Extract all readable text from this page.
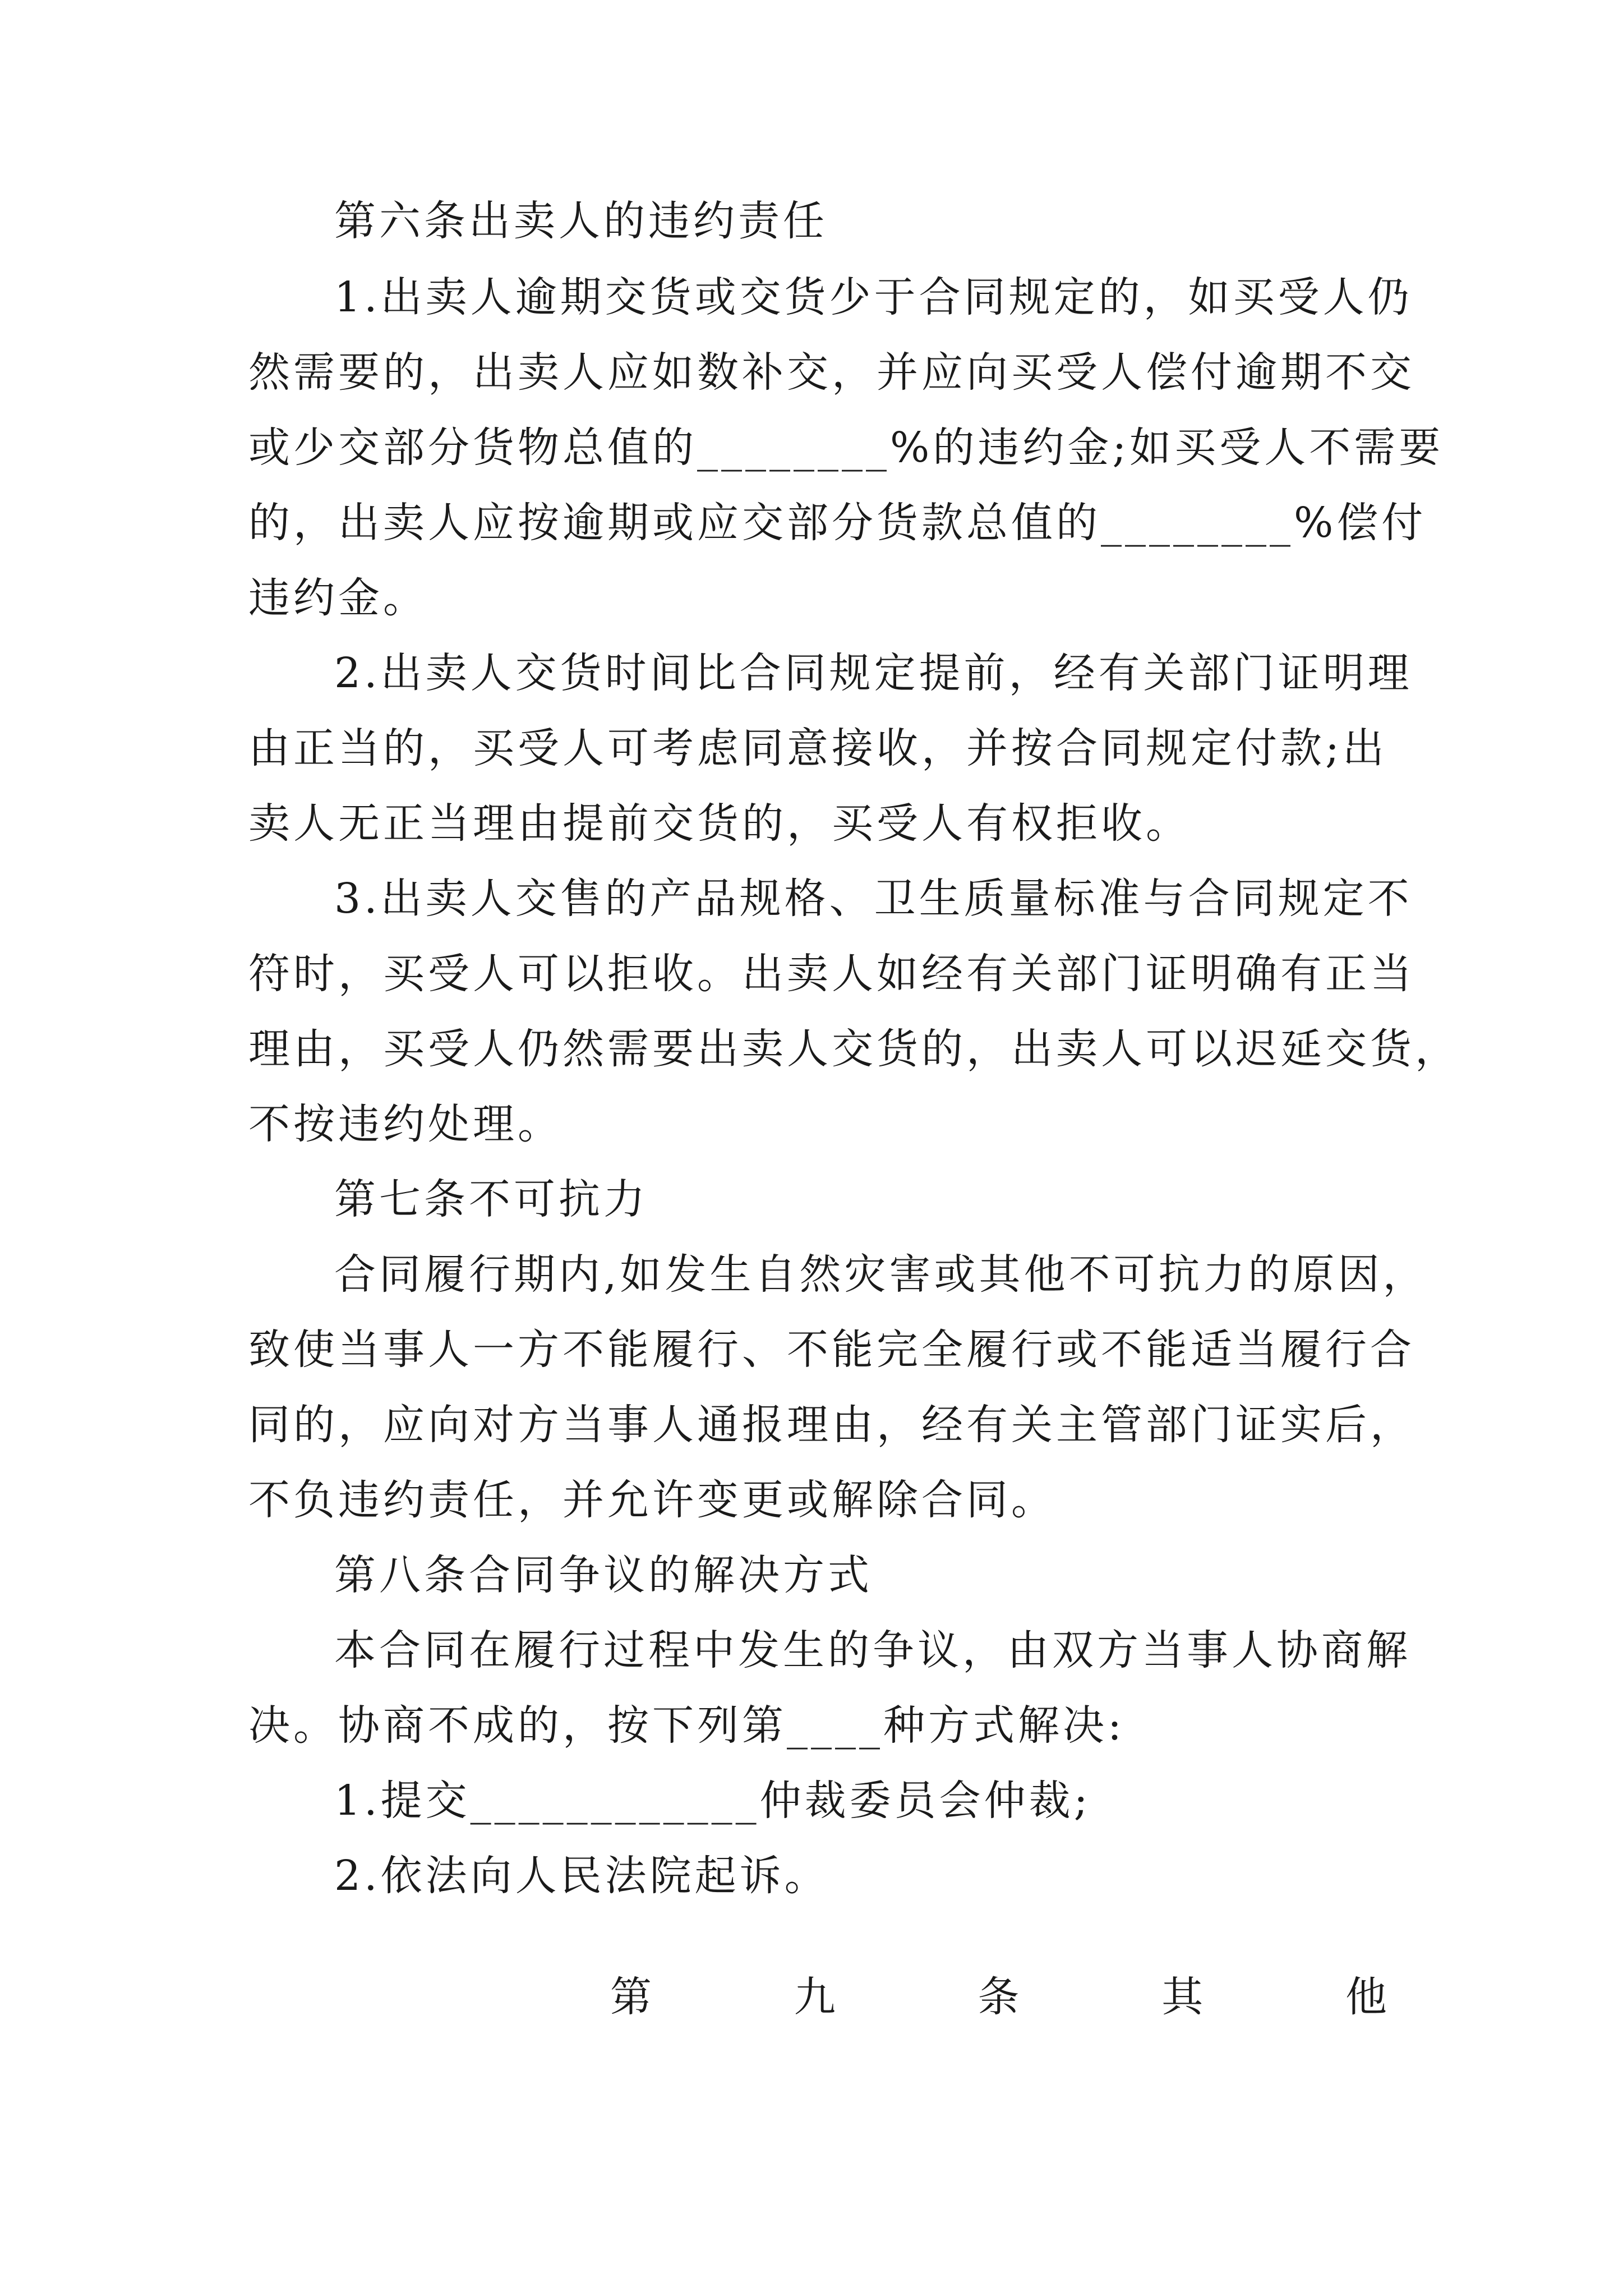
第六条出卖人的违约责任
1.出卖人逾期交货或交货少于合同规定的，如买受人仍
然需要的，出卖人应如数补交，并应向买受人偿付逾期不交
或少交部分货物总值的________%的违约金;如买受人不需要
的，出卖人应按逾期或应交部分货款总值的________%偿付
违约金。
2.出卖人交货时间比合同规定提前，经有关部门证明理
由正当的，买受人可考虑同意接收，并按合同规定付款;出
卖人无正当理由提前交货的，买受人有权拒收。
3.出卖人交售的产品规格、卫生质量标准与合同规定不
符时，买受人可以拒收。出卖人如经有关部门证明确有正当
理由，买受人仍然需要出卖人交货的，出卖人可以迟延交货，
不按违约处理。
第七条不可抗力
合同履行期内,如发生自然灾害或其他不可抗力的原因，
致使当事人一方不能履行、不能完全履行或不能适当履行合
同的，应向对方当事人通报理由，经有关主管部门证实后，
不负违约责任，并允许变更或解除合同。
第八条合同争议的解决方式
本合同在履行过程中发生的争议，由双方当事人协商解
决。协商不成的，按下列第____种方式解决:
1.提交____________仲裁委员会仲裁;
2.依法向人民法院起诉。
第	九	条	其	他
